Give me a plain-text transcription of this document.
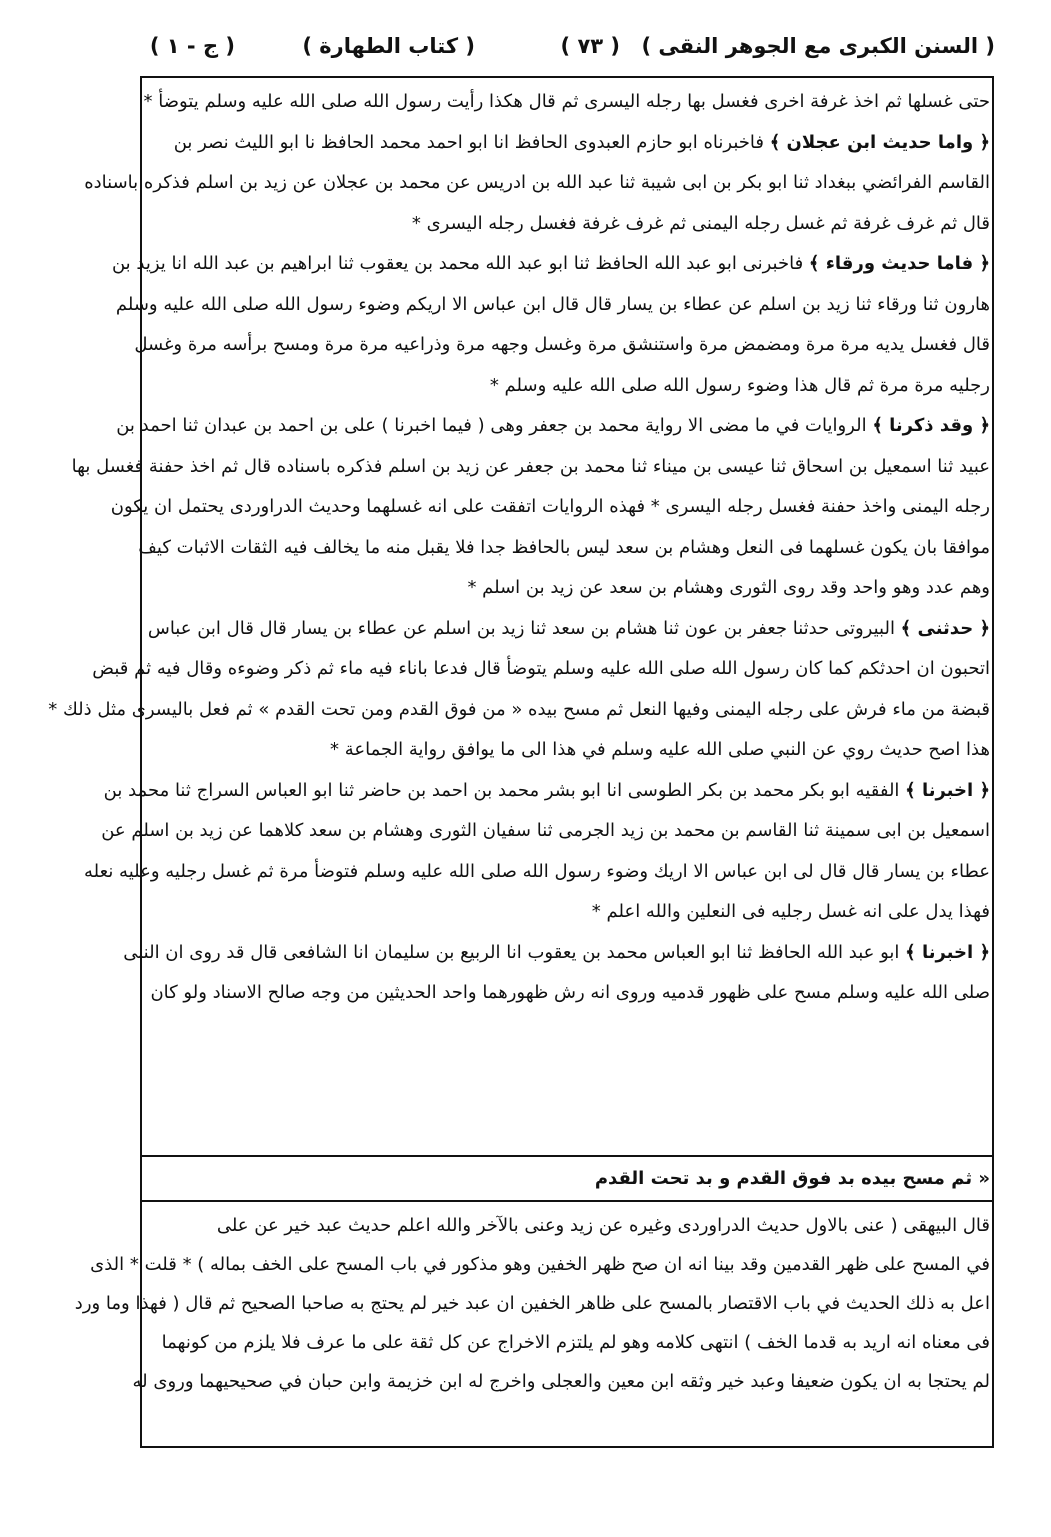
( السنن الكبرى مع الجوهر النقى )
( ٧٣ )
( كتاب الطهارة )
( ج - ١ )
حتى غسلها ثم اخذ غرفة اخرى فغسل بها رجله اليسرى ثم قال هكذا رأيت رسول الله صلى الله عليه وسلم يتوضأ *
﴿ واما حديث ابن عجلان ﴾ فاخبرناه ابو حازم العبدوى الحافظ انا ابو احمد محمد الحافظ نا ابو الليث نصر بن
القاسم الفرائضي ببغداد ثنا ابو بكر بن ابى شيبة ثنا عبد الله بن ادريس عن محمد بن عجلان عن زيد بن اسلم فذكره باسناده
قال ثم غرف غرفة ثم غسل رجله اليمنى ثم غرف غرفة فغسل رجله اليسرى *
﴿ فاما حديث ورقاء ﴾ فاخبرنى ابو عبد الله الحافظ ثنا ابو عبد الله محمد بن يعقوب ثنا ابراهيم بن عبد الله انا يزيد بن
هارون ثنا ورقاء ثنا زيد بن اسلم عن عطاء بن يسار قال قال ابن عباس الا اريكم وضوء رسول الله صلى الله عليه وسلم
قال فغسل يديه مرة مرة ومضمض مرة واستنشق مرة وغسل وجهه مرة وذراعيه مرة مرة ومسح برأسه مرة وغسل
رجليه مرة مرة ثم قال هذا وضوء رسول الله صلى الله عليه وسلم *
﴿ وقد ذكرنا ﴾ الروايات في ما مضى الا رواية محمد بن جعفر وهى ( فيما اخبرنا ) على بن احمد بن عبدان ثنا احمد بن
عبيد ثنا اسمعيل بن اسحاق ثنا عيسى بن ميناء ثنا محمد بن جعفر عن زيد بن اسلم فذكره باسناده قال ثم اخذ حفنة فغسل بها
رجله اليمنى واخذ حفنة فغسل رجله اليسرى * فهذه الروايات اتفقت على انه غسلهما وحديث الدراوردى يحتمل ان يكون
موافقا بان يكون غسلهما فى النعل وهشام بن سعد ليس بالحافظ جدا فلا يقبل منه ما يخالف فيه الثقات الاثبات كيف
وهم عدد وهو واحد وقد روى الثورى وهشام بن سعد عن زيد بن اسلم *
﴿ حدثنى ﴾ البيروتى حدثنا جعفر بن عون ثنا هشام بن سعد ثنا زيد بن اسلم عن عطاء بن يسار قال قال ابن عباس
اتحبون ان احدثكم كما كان رسول الله صلى الله عليه وسلم يتوضأ قال فدعا باناء فيه ماء ثم ذكر وضوءه وقال فيه ثم قبض
قبضة من ماء فرش على رجله اليمنى وفيها النعل ثم مسح بيده « من فوق القدم ومن تحت القدم » ثم فعل باليسرى مثل ذلك *
هذا اصح حديث روي عن النبي صلى الله عليه وسلم في هذا الى ما يوافق رواية الجماعة *
﴿ اخبرنا ﴾ الفقيه ابو بكر محمد بن بكر الطوسى انا ابو بشر محمد بن احمد بن حاضر ثنا ابو العباس السراج ثنا محمد بن
اسمعيل بن ابى سمينة ثنا القاسم بن محمد بن زيد الجرمى ثنا سفيان الثورى وهشام بن سعد كلاهما عن زيد بن اسلم عن
عطاء بن يسار قال قال لى ابن عباس الا اريك وضوء رسول الله صلى الله عليه وسلم فتوضأ مرة ثم غسل رجليه وعليه نعله
فهذا يدل على انه غسل رجليه فى النعلين والله اعلم *
﴿ اخبرنا ﴾ ابو عبد الله الحافظ ثنا ابو العباس محمد بن يعقوب انا الربيع بن سليمان انا الشافعى قال قد روى ان النبى
صلى الله عليه وسلم مسح على ظهور قدميه وروى انه رش ظهورهما واحد الحديثين من وجه صالح الاسناد ولو كان
« ثم مسح بيده بد فوق القدم و بد تحت القدم
قال البيهقى ( عنى بالاول حديث الدراوردى وغيره عن زيد وعنى بالآخر والله اعلم حديث عبد خير عن على
في المسح على ظهر القدمين وقد بينا انه ان صح ظهر الخفين وهو مذكور في باب المسح على الخف بماله ) * قلت * الذى
اعل به ذلك الحديث في باب الاقتصار بالمسح على ظاهر الخفين ان عبد خير لم يحتج به صاحبا الصحيح ثم قال ( فهذا وما ورد
فى معناه انه اريد به قدما الخف ) انتهى كلامه وهو لم يلتزم الاخراج عن كل ثقة على ما عرف فلا يلزم من كونهما
لم يحتجا به ان يكون ضعيفا وعبد خير وثقه ابن معين والعجلى واخرج له ابن خزيمة وابن حبان في صحيحيهما وروى له
